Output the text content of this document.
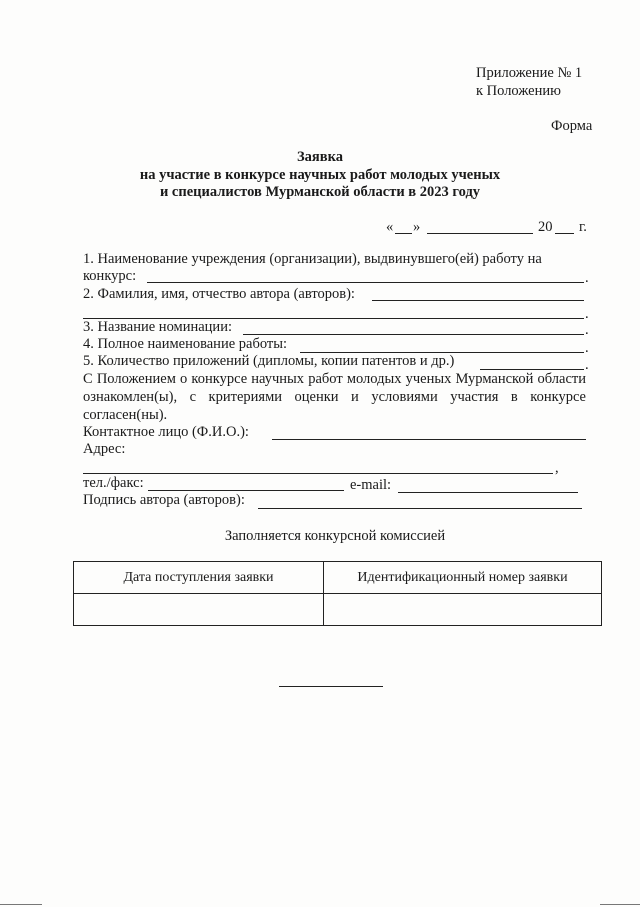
Приложение № 1
к Положению
Форма
Заявка
на участие в конкурсе научных работ молодых ученых
и специалистов Мурманской области в 2023 году
« »	20 г.
1. Наименование учреждения (организации), выдвинувшего(ей) работу на
конкурс:	.
2. Фамилия, имя, отчество автора (авторов):
.
3. Название номинации:	.
4. Полное наименование работы:	.
5. Количество приложений (дипломы, копии патентов и др.)	.
С Положением о конкурсе научных работ молодых ученых Мурманской области ознакомлен(ы), с критериями оценки и условиями участия в конкурсе согласен(ны).
Контактное лицо (Ф.И.О.):
Адрес:
,
тел./факс:	e-mail:
Подпись автора (авторов):
Заполняется конкурсной комиссией
Дата поступления заявки	Идентификационный номер заявки
